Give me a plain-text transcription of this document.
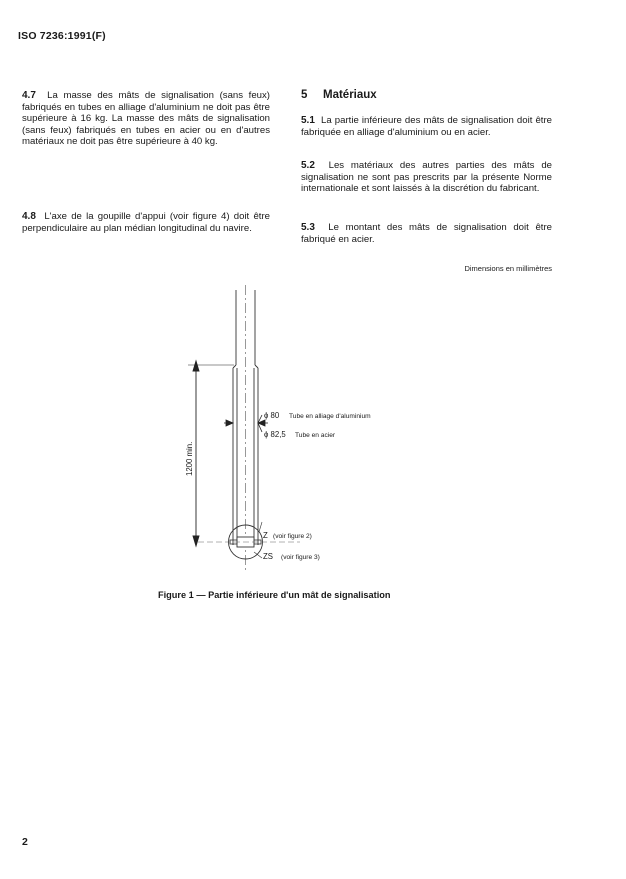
ISO 7236:1991(F)
4.7 La masse des mâts de signalisation (sans feux) fabriqués en tubes en alliage d'aluminium ne doit pas être supérieure à 16 kg. La masse des mâts de signalisation (sans feux) fabriqués en tubes en acier ou en d'autres matériaux ne doit pas être supérieure à 40 kg.
4.8 L'axe de la goupille d'appui (voir figure 4) doit être perpendiculaire au plan médian longitudinal du navire.
5 Matériaux
5.1 La partie inférieure des mâts de signalisation doit être fabriquée en alliage d'aluminium ou en acier.
5.2 Les matériaux des autres parties des mâts de signalisation ne sont pas prescrits par la présente Norme internationale et sont laissés à la discrétion du fabricant.
5.3 Le montant des mâts de signalisation doit être fabriqué en acier.
Dimensions en millimètres
ϕ 80 Tube en alliage d'aluminium
ϕ 82,5 Tube en acier
1200 min.
Z (voir figure 2)
ZS (voir figure 3)
Figure 1 — Partie inférieure d'un mât de signalisation
2
